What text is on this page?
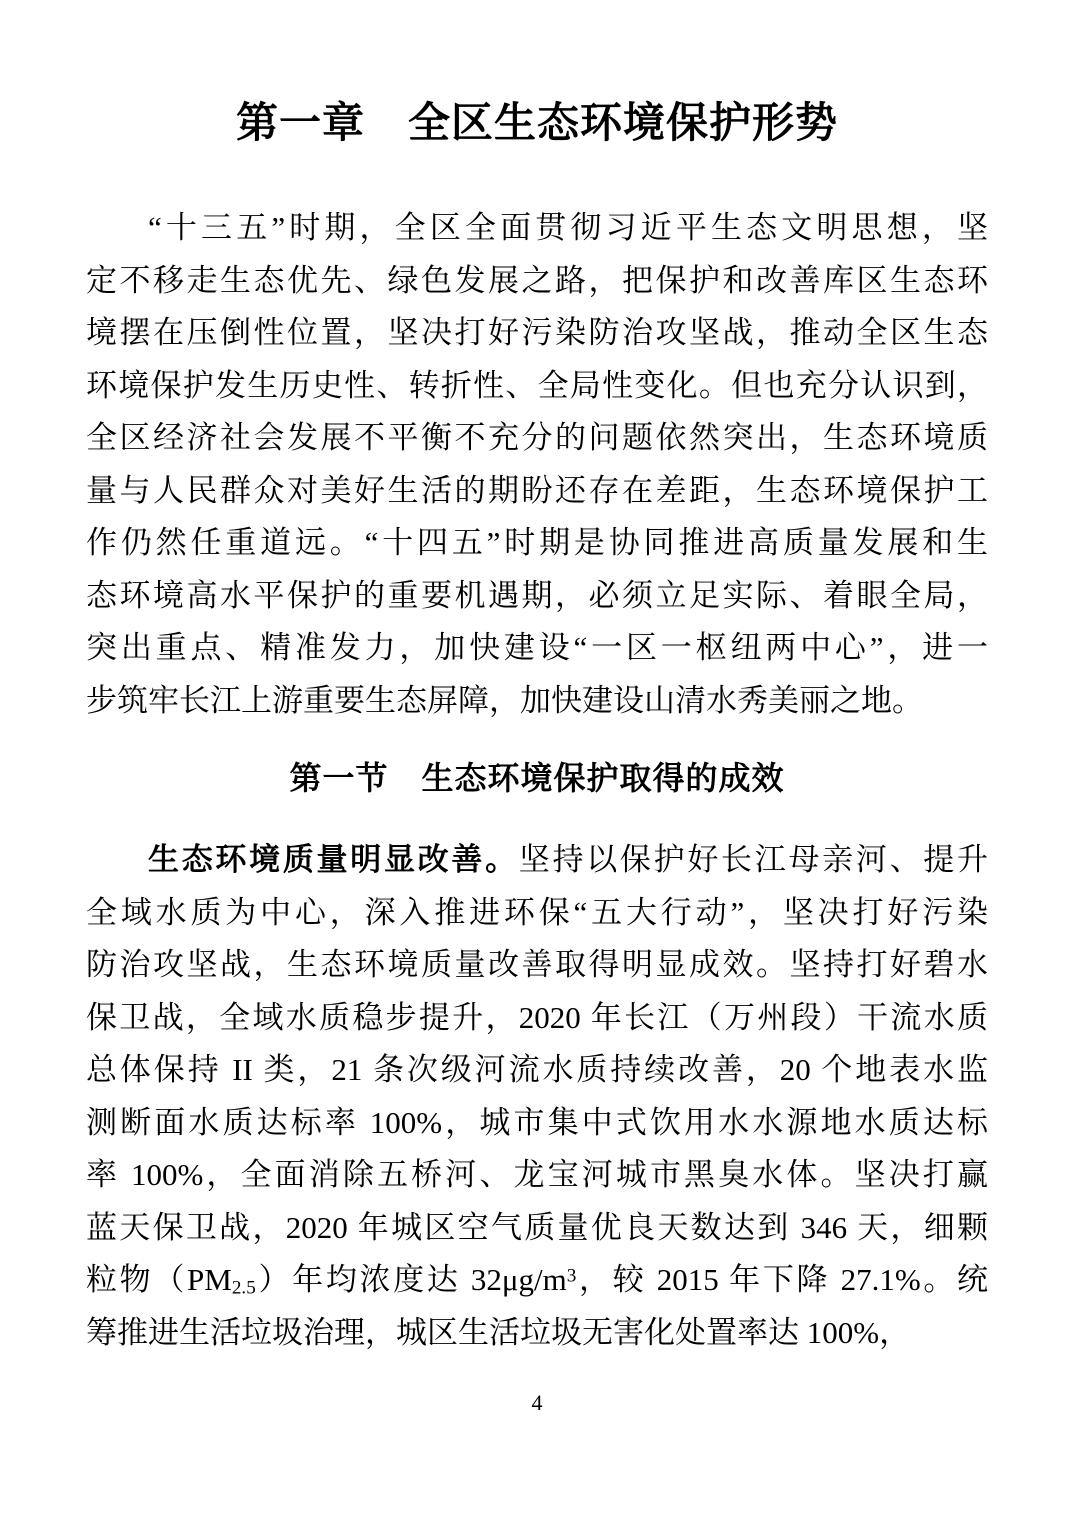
第一章　全区生态环境保护形势
“十三五”时期，全区全面贯彻习近平生态文明思想，坚
定不移走生态优先、绿色发展之路，把保护和改善库区生态环
境摆在压倒性位置，坚决打好污染防治攻坚战，推动全区生态
环境保护发生历史性、转折性、全局性变化。但也充分认识到，
全区经济社会发展不平衡不充分的问题依然突出，生态环境质
量与人民群众对美好生活的期盼还存在差距，生态环境保护工
作仍然任重道远。“十四五”时期是协同推进高质量发展和生
态环境高水平保护的重要机遇期，必须立足实际、着眼全局，
突出重点、精准发力，加快建设“一区一枢纽两中心”，进一
步筑牢长江上游重要生态屏障，加快建设山清水秀美丽之地。
第一节　生态环境保护取得的成效
生态环境质量明显改善。坚持以保护好长江母亲河、提升
全域水质为中心，深入推进环保“五大行动”，坚决打好污染
防治攻坚战，生态环境质量改善取得明显成效。坚持打好碧水
保卫战，全域水质稳步提升，2020 年长江（万州段）干流水质
总体保持 II 类，21 条次级河流水质持续改善，20 个地表水监
测断面水质达标率 100%，城市集中式饮用水水源地水质达标
率 100%，全面消除五桥河、龙宝河城市黑臭水体。坚决打赢
蓝天保卫战，2020 年城区空气质量优良天数达到 346 天，细颗
粒物$(PM_{2.5})$年均浓度达 $32\mu g/m^3$，较 2015 年下降 27.1%。统
筹推进生活垃圾治理，城区生活垃圾无害化处置率达 100%，
4
